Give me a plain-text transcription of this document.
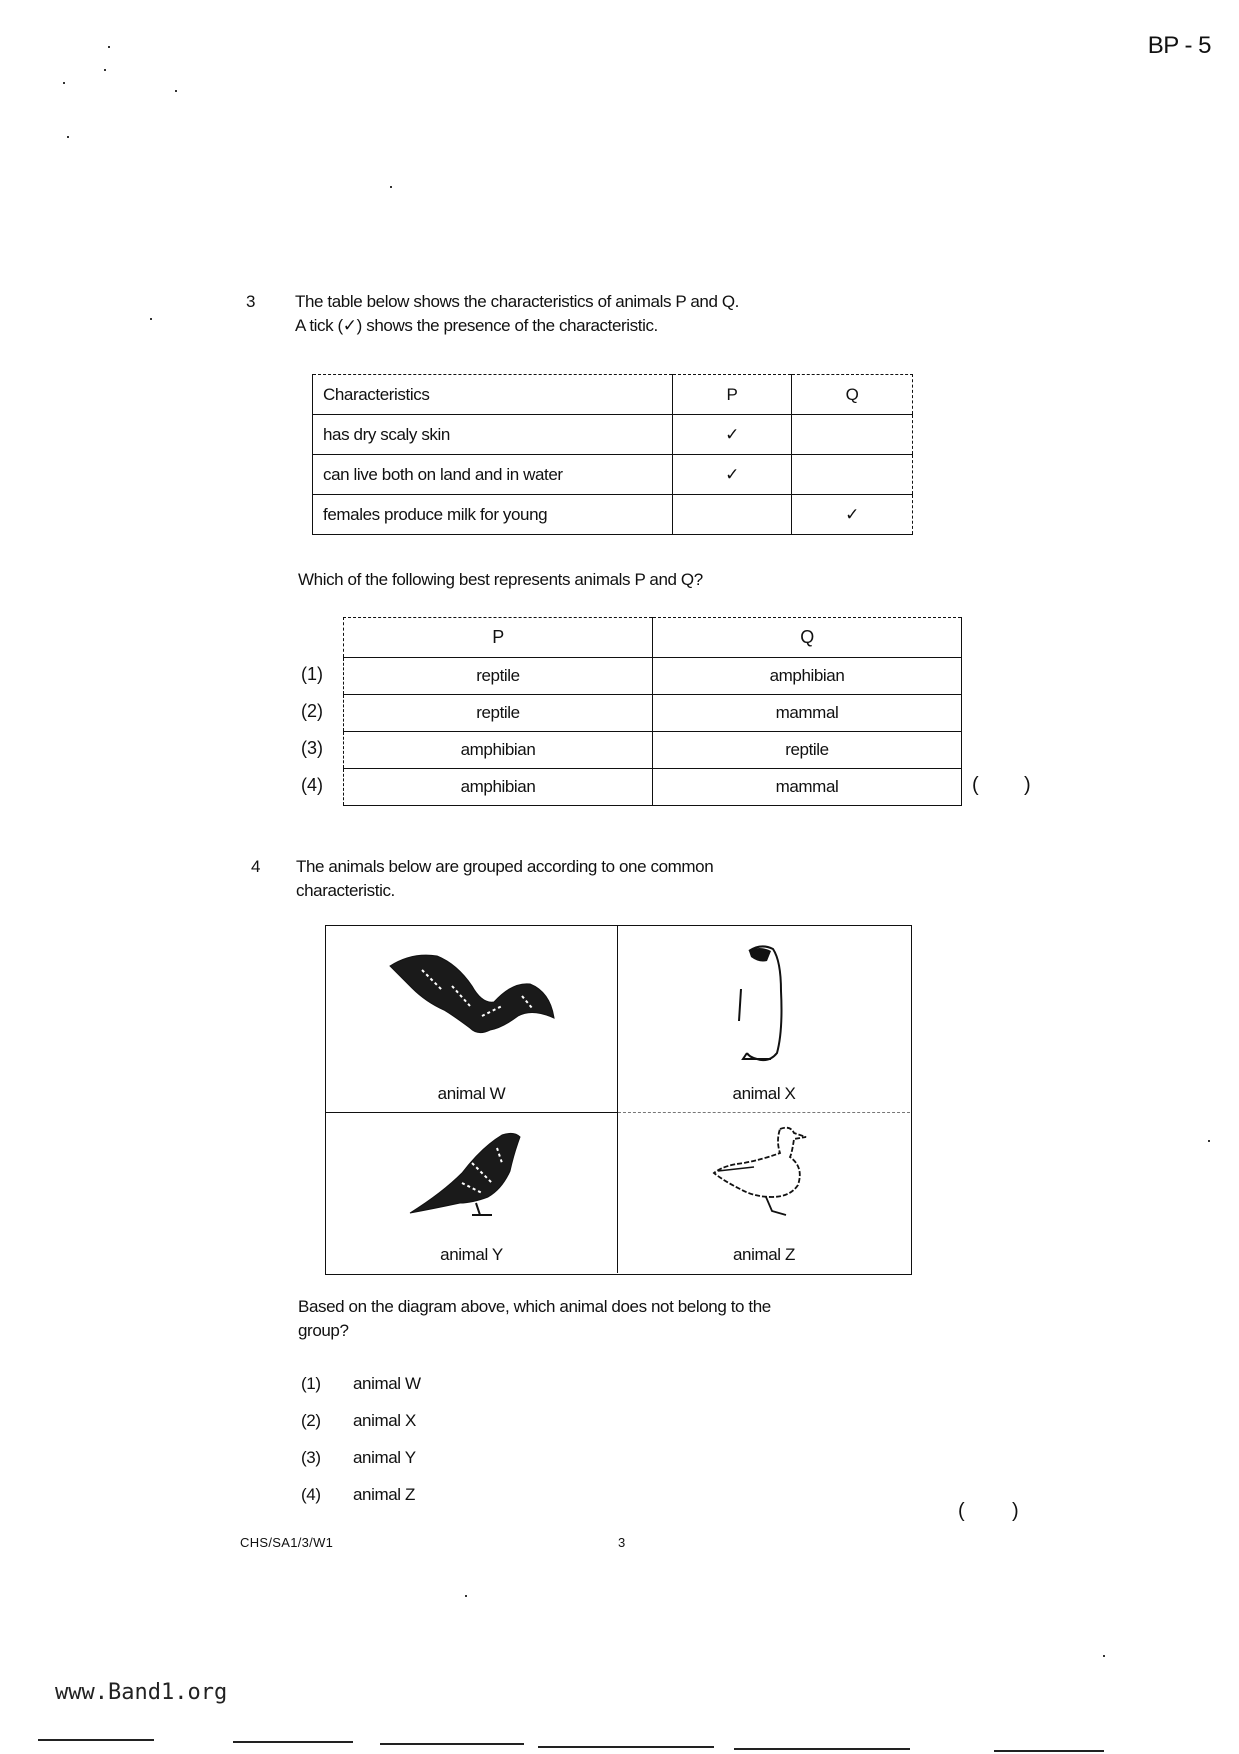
BP - 5
3 The table below shows the characteristics of animals P and Q.
A tick (✓) shows the presence of the characteristic.
Characteristics	P	Q
has dry scaly skin	✓	
can live both on land and in water	✓	
females produce milk for young		✓
Which of the following best represents animals P and Q?
P	Q
reptile	amphibian
reptile	mammal
amphibian	reptile
amphibian	mammal
(1)
(2)
(3)
(4)	( )
4 The animals below are grouped according to one common
characteristic.
animal W	animal X
animal Y	animal Z
Based on the diagram above, which animal does not belong to the
group?
(1) animal W
(2) animal X
(3) animal Y
(4) animal Z
( )
CHS/SA1/3/W1	3
www.Band1.org
